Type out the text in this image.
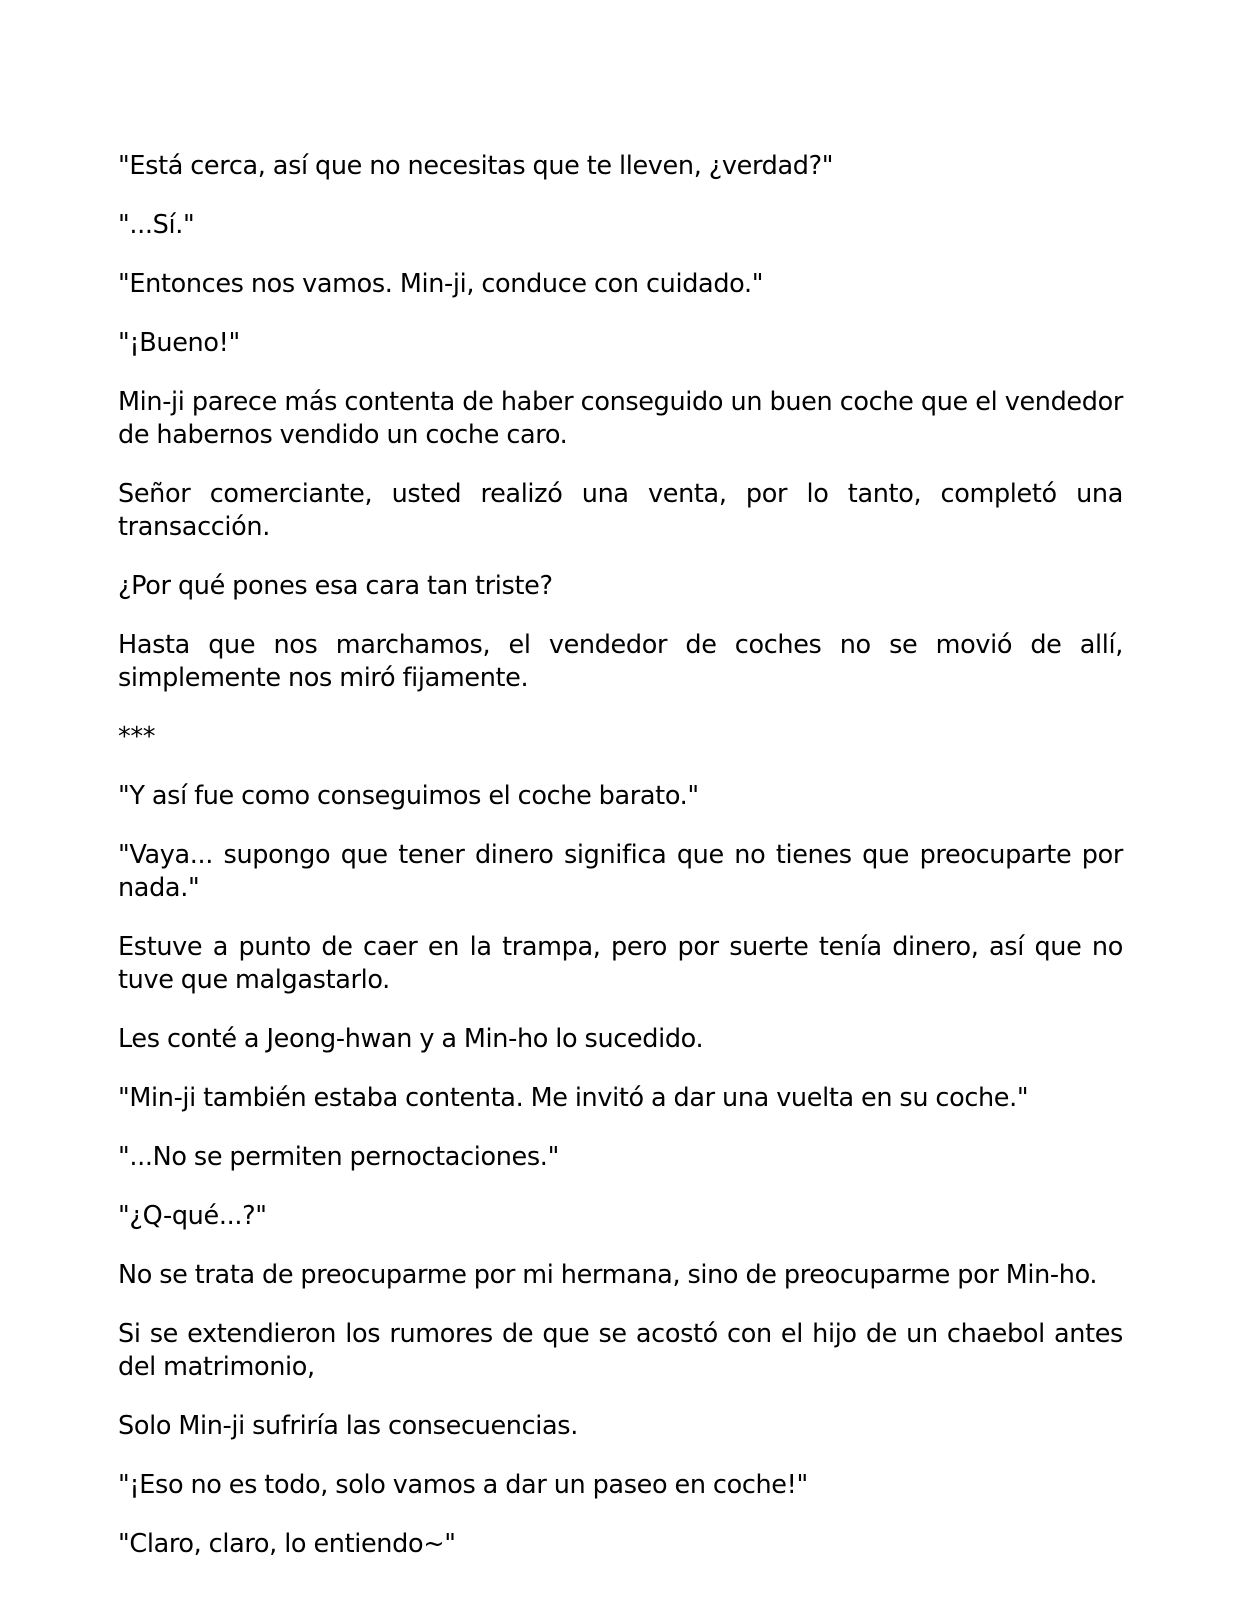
"Está cerca, así que no necesitas que te lleven, ¿verdad?"

"...Sí."

"Entonces nos vamos. Min-ji, conduce con cuidado."

"¡Bueno!"

Min-ji parece más contenta de haber conseguido un buen coche que el vendedor de habernos vendido un coche caro.

Señor comerciante, usted realizó una venta, por lo tanto, completó una transacción.

¿Por qué pones esa cara tan triste?

Hasta que nos marchamos, el vendedor de coches no se movió de allí, simplemente nos miró fijamente.

***

"Y así fue como conseguimos el coche barato."

"Vaya... supongo que tener dinero significa que no tienes que preocuparte por nada."

Estuve a punto de caer en la trampa, pero por suerte tenía dinero, así que no tuve que malgastarlo.

Les conté a Jeong-hwan y a Min-ho lo sucedido.

"Min-ji también estaba contenta. Me invitó a dar una vuelta en su coche."

"...No se permiten pernoctaciones."

"¿Q-qué...?"

No se trata de preocuparme por mi hermana, sino de preocuparme por Min-ho.

Si se extendieron los rumores de que se acostó con el hijo de un chaebol antes del matrimonio,

Solo Min-ji sufriría las consecuencias.

"¡Eso no es todo, solo vamos a dar un paseo en coche!"

"Claro, claro, lo entiendo~"
